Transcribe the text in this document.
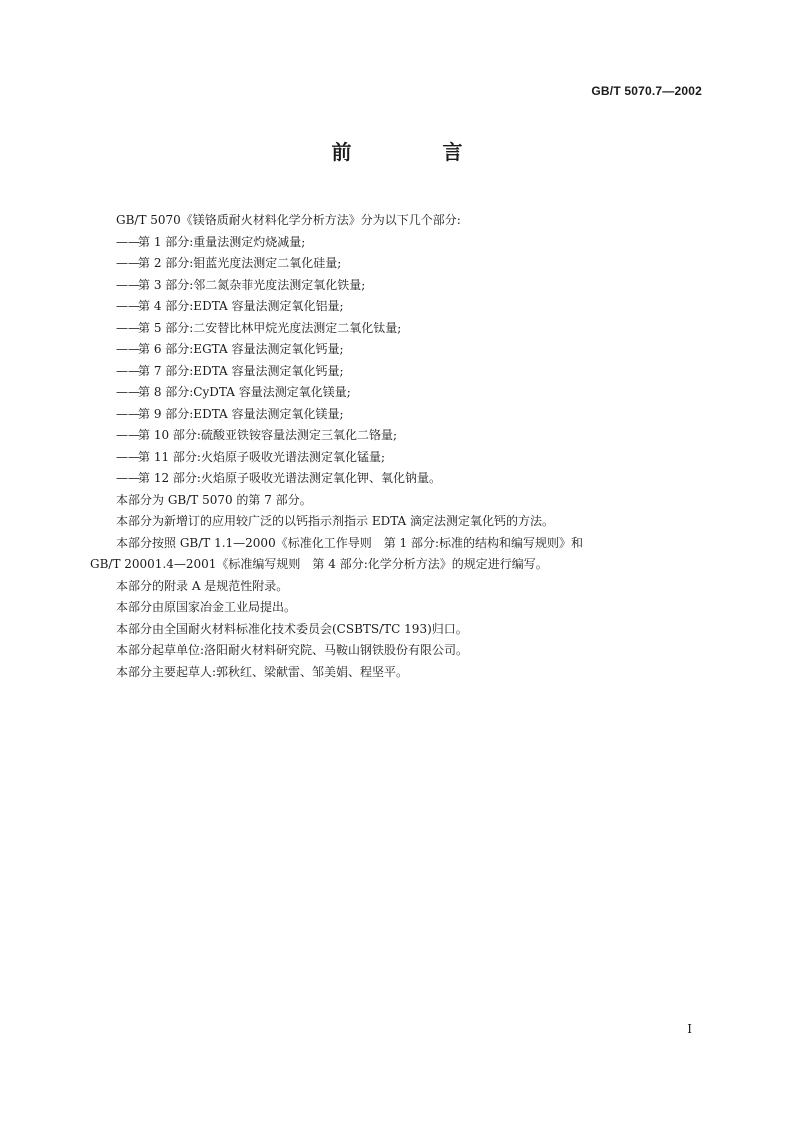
GB/T 5070.7—2002
前 言
GB/T 5070《镁铬质耐火材料化学分析方法》分为以下几个部分:
——第 1 部分:重量法测定灼烧减量;
——第 2 部分:钼蓝光度法测定二氧化硅量;
——第 3 部分:邻二氮杂菲光度法测定氧化铁量;
——第 4 部分:EDTA 容量法测定氧化铝量;
——第 5 部分:二安替比林甲烷光度法测定二氧化钛量;
——第 6 部分:EGTA 容量法测定氧化钙量;
——第 7 部分:EDTA 容量法测定氧化钙量;
——第 8 部分:CyDTA 容量法测定氧化镁量;
——第 9 部分:EDTA 容量法测定氧化镁量;
——第 10 部分:硫酸亚铁铵容量法测定三氧化二铬量;
——第 11 部分:火焰原子吸收光谱法测定氧化锰量;
——第 12 部分:火焰原子吸收光谱法测定氧化钾、氧化钠量。
本部分为 GB/T 5070 的第 7 部分。
本部分为新增订的应用较广泛的以钙指示剂指示 EDTA 滴定法测定氧化钙的方法。
本部分按照 GB/T 1.1—2000《标准化工作导则　第 1 部分:标准的结构和编写规则》和
GB/T 20001.4—2001《标准编写规则　第 4 部分:化学分析方法》的规定进行编写。
本部分的附录 A 是规范性附录。
本部分由原国家冶金工业局提出。
本部分由全国耐火材料标准化技术委员会(CSBTS/TC 193)归口。
本部分起草单位:洛阳耐火材料研究院、马鞍山钢铁股份有限公司。
本部分主要起草人:郭秋红、梁献雷、邹美娟、程坚平。
I
